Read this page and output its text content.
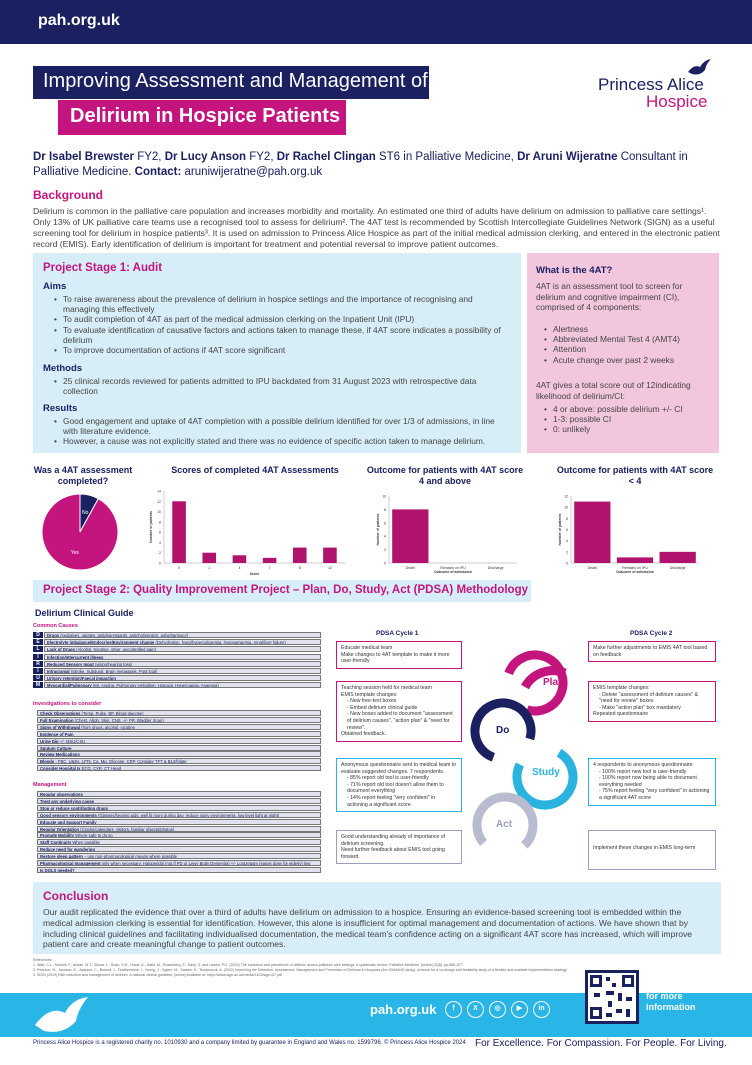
pah.org.uk
Improving Assessment and Management of
Delirium in Hospice Patients
Princess Alice
Hospice
Dr Isabel Brewster FY2, Dr Lucy Anson FY2, Dr Rachel Clingan ST6 in Palliative Medicine, Dr Aruni Wijeratne Consultant in Palliative Medicine. Contact: aruniwijeratne@pah.org.uk
Background
Delirium is common in the palliative care population and increases morbidity and mortality. An estimated one third of adults have delirium on admission to palliative care settings¹. Only 13% of UK palliative care teams use a recognised tool to assess for delirium². The 4AT test is recommended by Scottish Intercollegiate Guidelines Network (SIGN) as a useful screening tool for delirium in hospice patients³. It is used on admission to Princess Alice Hospice as part of the initial medical admission clerking, and entered in the electronic patient record (EMIS). Early identification of delirium is important for treatment and potential reversal to improve patient outcomes.
Project Stage 1: Audit
Aims
• To raise awareness about the prevalence of delirium in hospice settings and the importance of recognising and managing this effectively
• To audit completion of 4AT as part of the medical admission clerking on the Inpatient Unit (IPU)
• To evaluate identification of causative factors and actions taken to manage these, if 4AT score indicates a possibility of delirium
• To improve documentation of actions if 4AT score significant
Methods
• 25 clinical records reviewed for patients admitted to IPU backdated from 31 August 2023 with retrospective data collection
Results
• Good engagement and uptake of 4AT completion with a possible delirium identified for over 1/3 of admissions, in line with literature evidence.
• However, a cause was not explicitly stated and there was no evidence of specific action taken to manage delirium.
What is the 4AT?
4AT is an assessment tool to screen for delirium and cognitive impairment (CI), comprised of 4 components:
• Alertness
• Abbreviated Mental Test 4 (AMT4)
• Attention
• Acute change over past 2 weeks
4AT gives a total score out of 12indicating likelihood of delirium/CI:
• 4 or above: possible delirium +/- CI
• 1-3: possible CI
• 0: unlikely
Was a 4AT assessment completed?
No
Yes
Scores of completed 4AT Assessments
0
2
4
6
8
10
12
14
0	1	4	7	8	12
Score
Number of patients
Outcome for patients with 4AT score 4 and above
0
2
4
6
8
10
Death	Remains on IPU	Discharge
Outcome of admission
Number of patients
Outcome for patients with 4AT score < 4
0
2
4
6
8
10
12
Death	Remains on IPU	Discharge
Outcome of admission
Number of patients
Project Stage 2: Quality Improvement Project – Plan, Do, Study, Act (PDSA) Methodology
Delirium Clinical Guide
Common Causes
D	Drugs (sedatives, opiates, antidepressants, anticholinergics, polypharmacy)
E	Electrolyte imbalance/Endocrine/Environment change (Dehydration, hypo/hypercalcaemia, hyponatraemia, renal/liver failure)
L	Lack of Drugs (Alcohol, Nicotine, other, uncontrolled pain)
I	Infection/Intercurrent illness
R	Reduced Sensory Input (vision/hearing loss)
I	Intracranial (Stroke, Subdural, Brain metastasis, Post ictal)
U	Urinary retention/Faecal impaction
M	Myocardial/Pulmonary (MI, Angina, Pulmonary embolism, Hypoxia, Hypercapnia, Anaemia)
Investigations to consider
Check Observations (Temp, Pulse, BP, Blood glucose)
Full Examination (Chest, Abdo, Skin, CNS, +/- PR, Bladder Scan)
Signs of Withdrawal (from drugs, alcohol, nicotine
Evidence of Pain
Urine Dip +/- MSU/CSU
Sputum Culture
Review Medications
Bloods - FBC, U&Es, LFTs, Ca, Mg, Glucose, CRP, Consider TFT & B12/folate
Consider Hospital Ix ECG, CXR, CT Head
Management
Regular observations
Treat any underlying cause
Stop or reduce contributing drugs
Good sensory environments (Glasses/hearing aids, well lit room during day, reduce noisy environments, low level light at night)
Educate and Support Family
Regular Orientation (Clocks/calendars, visitors, familiar objects/photos)
Promote Mobility Where safe to do so
Staff Continuity When possible
Reduce need for wandering
Restore sleep pattern – use non-pharmacological means where possible
Pharmacological management only when necessary. Haloperidol (not if PD or Lewy Body Dementia) +/- Lorazepam (eases dose for elderly) low
Is DOLS needed?
PDSA Cycle 1	PDSA Cycle 2
Educate medical team
Make changes to 4AT template to make it more user-friendly
Teaching session held for medical team
EMIS template changes:
- New free-text boxes
- Embed delirium clinical guide
- New boxes added to document "assessment of delirium causes", "action plan" & "need for review".
Obtained feedback.
Anonymous questionnaire sent to medical team to evaluate suggested changes. 7 respondents.
- 85% report old tool is user-friendly
- 71% report old tool doesn't allow them to document everything
- 14% report feeling "very confident" in actioning a significant score
Good understanding already of importance of delirium screening.
Need further feedback about EMIS tool going forward.
Plan
Do
Study
Act
Make further adjustments to EMIS 4AT tool based on feedback
EMIS template changes:
- Delete "assessment of delirium causes" & "need for review" boxes
- Make "action plan" box mandatory
Repeated questionnaire
4 respondents to anonymous questionnaire
- 100% report new tool is user-friendly
- 100% report now being able to document everything needed
- 75% report feeling "very confident" in actioning a significant 4AT score
Implement these changes in EMIS long-term
Conclusion
Our audit replicated the evidence that over a third of adults have delirium on admission to a hospice. Ensuring an evidence-based screening tool is embedded within the medical admission clerking is essential for identification. However, this alone is insufficient for optimal management and documentation of actions. We have shown that by including clinical guidelines and facilitating individualised documentation, the medical team's confidence acting on a significant 4AT score has increased, which will improve patient care and create meaningful change to patient outcomes.
References:
1. Watt, C.L., Momoli, F., Ansari, M.T., Sikora, L., Bush, S.H., Hosie, A., Kabir, M., Rosenberg, E., Kanji, S. and Lawlor, P.G. (2019) The incidence and prevalence of delirium across palliative care settings: A systematic review. Palliative Medicine, [online] 33(8), pp.865–877.
2. Pearson, M., Jackson, E., Jackson, C., Boland, J., Featherstone, I., Young, J., Ogden, M., Sartain, K., Teodorczuk, A. (2022) Improving the Detection, Assessment, Management and Prevention of Delirium in Hospices (the DiAMoND study): protocol for a co-design and feasibility study of a flexible and scalable implementation strategy.
3. SIGN (2019) Risk reduction and management of delirium: A national clinical guideline. [online] Available at: https://www.sign.ac.uk/media/1423/sign157.pdf
pah.org.uk	f	X	◎	▶	in
Scan the QR code for more information
Princess Alice Hospice is a registered charity no. 1010930 and a company limited by guarantee in England and Wales no. 1599796. © Princess Alice Hospice 2024 For Excellence. For Compassion. For People. For Living.
